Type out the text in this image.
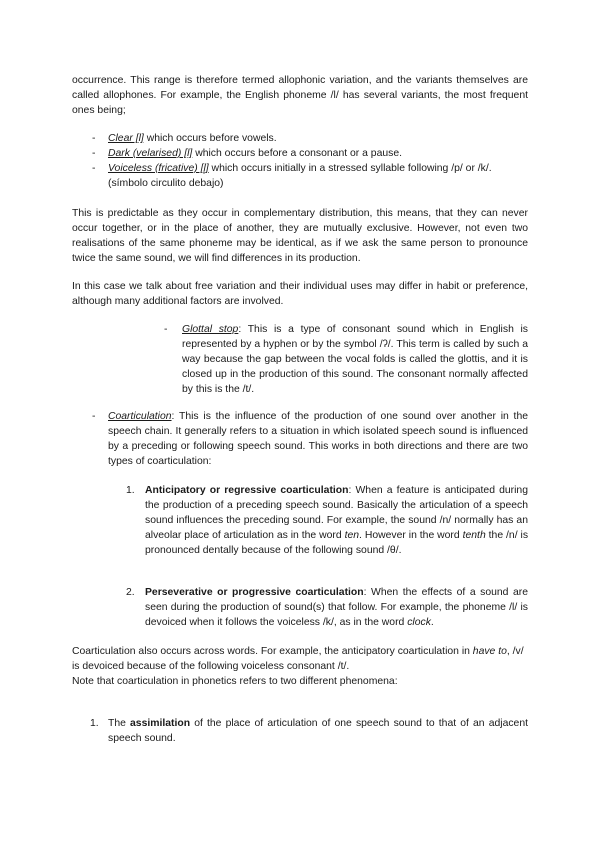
occurrence. This range is therefore termed allophonic variation, and the variants themselves are called allophones. For example, the English phoneme /l/ has several variants, the most frequent ones being;

- Clear [l] which occurs before vowels.
- Dark (velarised) [ɫ] which occurs before a consonant or a pause.
- Voiceless (fricative) [l̥] which occurs initially in a stressed syllable following /p/ or /k/.
(símbolo circulito debajo)

This is predictable as they occur in complementary distribution, this means, that they can never occur together, or in the place of another, they are mutually exclusive. However, not even two realisations of the same phoneme may be identical, as if we ask the same person to pronounce twice the same sound, we will find differences in its production.

In this case we talk about free variation and their individual uses may differ in habit or preference, although many additional factors are involved.

- Glottal stop: This is a type of consonant sound which in English is represented by a hyphen or by the symbol /ʔ/. This term is called by such a way because the gap between the vocal folds is called the glottis, and it is closed up in the production of this sound. The consonant normally affected by this is the /t/.
- Coarticulation: This is the influence of the production of one sound over another in the speech chain. It generally refers to a situation in which isolated speech sound is influenced by a preceding or following speech sound. This works in both directions and there are two types of coarticulation:
1. Anticipatory or regressive coarticulation: When a feature is anticipated during the production of a preceding speech sound. Basically the articulation of a speech sound influences the preceding sound. For example, the sound /n/ normally has an alveolar place of articulation as in the word ten. However in the word tenth the /n/ is pronounced dentally because of the following sound /θ/.
2. Perseverative or progressive coarticulation: When the effects of a sound are seen during the production of sound(s) that follow. For example, the phoneme /l/ is devoiced when it follows the voiceless /k/, as in the word clock.
Coarticulation also occurs across words. For example, the anticipatory coarticulation in have to, /v/ is devoiced because of the following voiceless consonant /t/.
Note that coarticulation in phonetics refers to two different phenomena:
1. The assimilation of the place of articulation of one speech sound to that of an adjacent speech sound.
